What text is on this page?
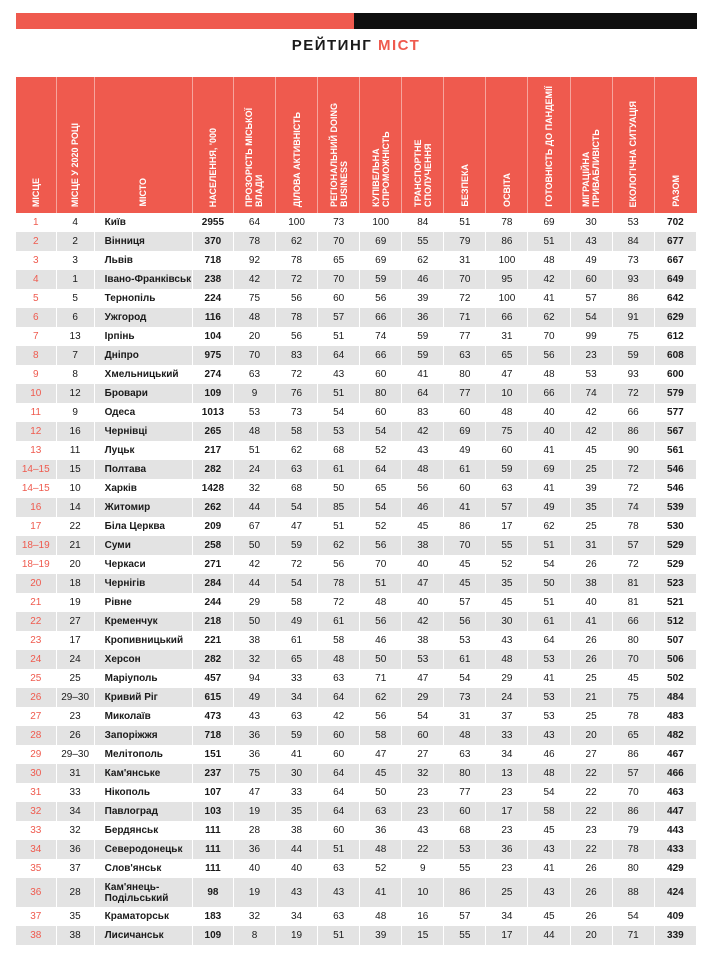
РЕЙТИНГ МІСТ
МІСЦЕ	МІСЦЕ У 2020 РОЦІ	МІСТО	НАСЕЛЕННЯ, '000	ПРОЗОРІСТЬ МІСЬКОЇ ВЛАДИ	ДІЛОВА АКТИВНІСТЬ	РЕГІОНАЛЬНИЙ DOING BUSINESS	КУПІВЕЛЬНА СПРОМОЖНІСТЬ	ТРАНСПОРТНЕ СПОЛУЧЕННЯ	БЕЗПЕКА	ОСВІТА	ГОТОВНІСТЬ ДО ПАНДЕМІЇ	МІГРАЦІЙНА ПРИВАБЛИВІСТЬ	ЕКОЛОГІЧНА СИТУАЦІЯ	РАЗОМ

1	4	Київ	2955	64	100	73	100	84	51	78	69	30	53	702
2	2	Вінниця	370	78	62	70	69	55	79	86	51	43	84	677
3	3	Львів	718	92	78	65	69	62	31	100	48	49	73	667
4	1	Івано-Франківськ	238	42	72	70	59	46	70	95	42	60	93	649
5	5	Тернопіль	224	75	56	60	56	39	72	100	41	57	86	642
6	6	Ужгород	116	48	78	57	66	36	71	66	62	54	91	629
7	13	Ірпінь	104	20	56	51	74	59	77	31	70	99	75	612
8	7	Дніпро	975	70	83	64	66	59	63	65	56	23	59	608
9	8	Хмельницький	274	63	72	43	60	41	80	47	48	53	93	600
10	12	Бровари	109	9	76	51	80	64	77	10	66	74	72	579
11	9	Одеса	1013	53	73	54	60	83	60	48	40	42	66	577
12	16	Чернівці	265	48	58	53	54	42	69	75	40	42	86	567
13	11	Луцьк	217	51	62	68	52	43	49	60	41	45	90	561
14–15	15	Полтава	282	24	63	61	64	48	61	59	69	25	72	546
14–15	10	Харків	1428	32	68	50	65	56	60	63	41	39	72	546
16	14	Житомир	262	44	54	85	54	46	41	57	49	35	74	539
17	22	Біла Церква	209	67	47	51	52	45	86	17	62	25	78	530
18–19	21	Суми	258	50	59	62	56	38	70	55	51	31	57	529
18–19	20	Черкаси	271	42	72	56	70	40	45	52	54	26	72	529
20	18	Чернігів	284	44	54	78	51	47	45	35	50	38	81	523
21	19	Рівне	244	29	58	72	48	40	57	45	51	40	81	521
22	27	Кременчук	218	50	49	61	56	42	56	30	61	41	66	512
23	17	Кропивницький	221	38	61	58	46	38	53	43	64	26	80	507
24	24	Херсон	282	32	65	48	50	53	61	48	53	26	70	506
25	25	Маріуполь	457	94	33	63	71	47	54	29	41	25	45	502
26	29–30	Кривий Ріг	615	49	34	64	62	29	73	24	53	21	75	484
27	23	Миколаїв	473	43	63	42	56	54	31	37	53	25	78	483
28	26	Запоріжжя	718	36	59	60	58	60	48	33	43	20	65	482
29	29–30	Мелітополь	151	36	41	60	47	27	63	34	46	27	86	467
30	31	Кам'янське	237	75	30	64	45	32	80	13	48	22	57	466
31	33	Нікополь	107	47	33	64	50	23	77	23	54	22	70	463
32	34	Павлоград	103	19	35	64	63	23	60	17	58	22	86	447
33	32	Бердянськ	111	28	38	60	36	43	68	23	45	23	79	443
34	36	Северодонецьк	111	36	44	51	48	22	53	36	43	22	78	433
35	37	Слов'янськ	111	40	40	63	52	9	55	23	41	26	80	429
36	28	Кам'янець-Подільський	98	19	43	43	41	10	86	25	43	26	88	424
37	35	Краматорськ	183	32	34	63	48	16	57	34	45	26	54	409
38	38	Лисичанськ	109	8	19	51	39	15	55	17	44	20	71	339
